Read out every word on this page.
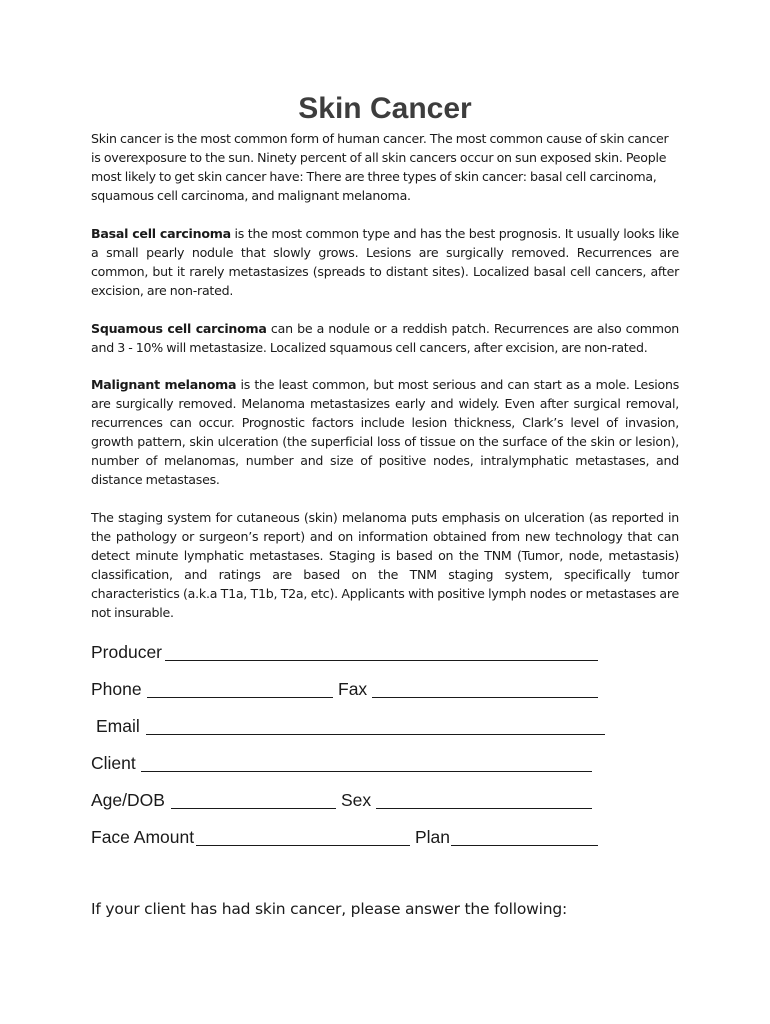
Skin Cancer

Skin cancer is the most common form of human cancer. The most common cause of skin cancer is overexposure to the sun. Ninety percent of all skin cancers occur on sun exposed skin. People most likely to get skin cancer have: There are three types of skin cancer: basal cell carcinoma, squamous cell carcinoma, and malignant melanoma.

Basal cell carcinoma is the most common type and has the best prognosis. It usually looks like a small pearly nodule that slowly grows. Lesions are surgically removed. Recurrences are common, but it rarely metastasizes (spreads to distant sites). Localized basal cell cancers, after excision, are non-rated.

Squamous cell carcinoma can be a nodule or a reddish patch. Recurrences are also common and 3 - 10% will metastasize. Localized squamous cell cancers, after excision, are non-rated.

Malignant melanoma is the least common, but most serious and can start as a mole. Lesions are surgically removed. Melanoma metastasizes early and widely. Even after surgical removal, recurrences can occur. Prognostic factors include lesion thickness, Clark’s level of invasion, growth pattern, skin ulceration (the superficial loss of tissue on the surface of the skin or lesion), number of melanomas, number and size of positive nodes, intralymphatic metastases, and distance metastases.

The staging system for cutaneous (skin) melanoma puts emphasis on ulceration (as reported in the pathology or surgeon’s report) and on information obtained from new technology that can detect minute lymphatic metastases. Staging is based on the TNM (Tumor, node, metastasis) classification, and ratings are based on the TNM staging system, specifically tumor characteristics (a.k.a T1a, T1b, T2a, etc). Applicants with positive lymph nodes or metastases are not insurable.

Producer
Phone	Fax
Email
Client
Age/DOB	Sex
Face Amount	Plan

If your client has had skin cancer, please answer the following:
